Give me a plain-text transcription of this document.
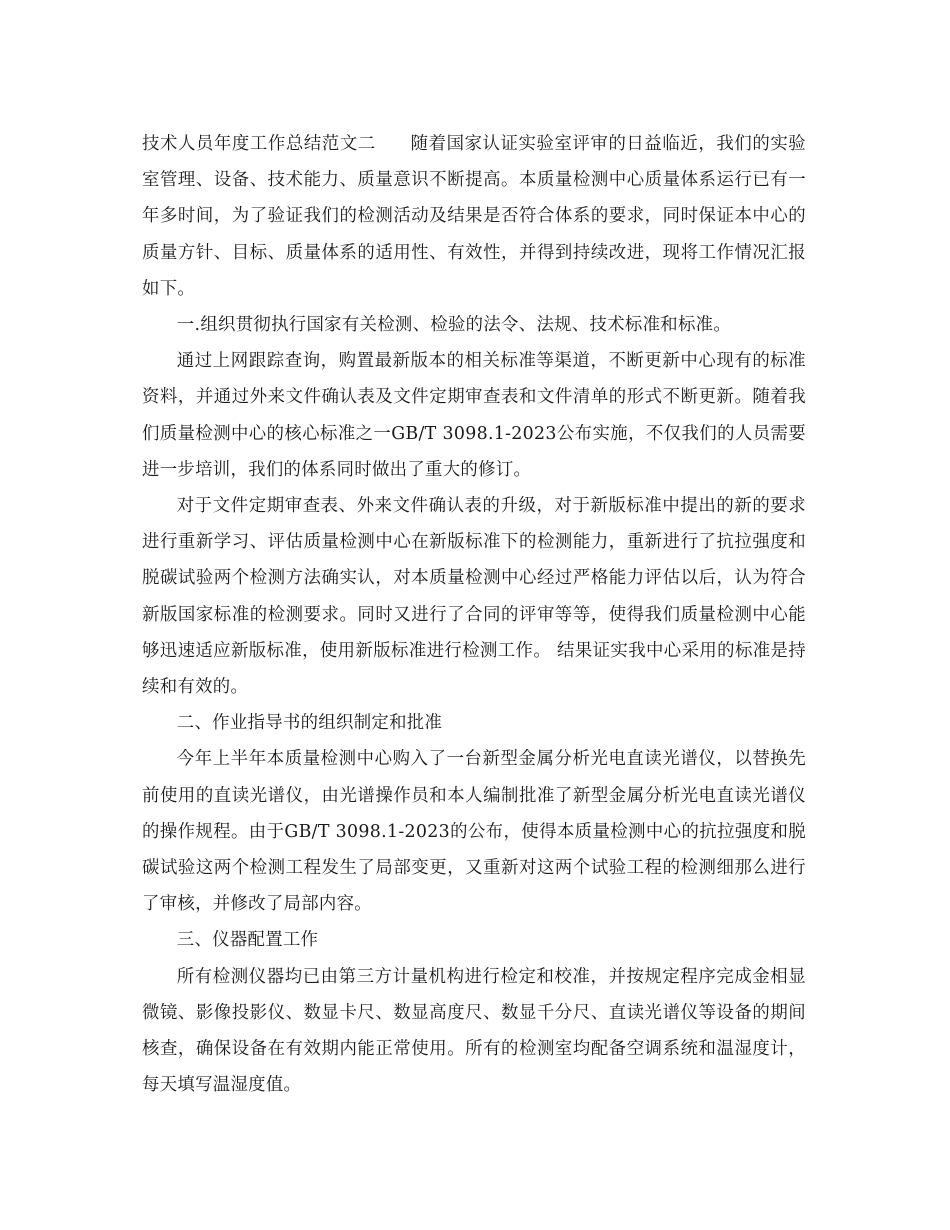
技术人员年度工作总结范文二 随着国家认证实验室评审的日益临近，我们的实验室管理、设备、技术能力、质量意识不断提高。本质量检测中心质量体系运行已有一年多时间，为了验证我们的检测活动及结果是否符合体系的要求，同时保证本中心的质量方针、目标、质量体系的适用性、有效性，并得到持续改进，现将工作情况汇报如下。

一.组织贯彻执行国家有关检测、检验的法令、法规、技术标准和标准。

通过上网跟踪查询，购置最新版本的相关标准等渠道，不断更新中心现有的标准资料，并通过外来文件确认表及文件定期审查表和文件清单的形式不断更新。随着我们质量检测中心的核心标准之一GB/T 3098.1-2023公布实施，不仅我们的人员需要进一步培训，我们的体系同时做出了重大的修订。

对于文件定期审查表、外来文件确认表的升级，对于新版标准中提出的新的要求进行重新学习、评估质量检测中心在新版标准下的检测能力，重新进行了抗拉强度和脱碳试验两个检测方法确实认，对本质量检测中心经过严格能力评估以后，认为符合新版国家标准的检测要求。同时又进行了合同的评审等等，使得我们质量检测中心能够迅速适应新版标准，使用新版标准进行检测工作。 结果证实我中心采用的标准是持续和有效的。

二、作业指导书的组织制定和批准

今年上半年本质量检测中心购入了一台新型金属分析光电直读光谱仪，以替换先前使用的直读光谱仪，由光谱操作员和本人编制批准了新型金属分析光电直读光谱仪的操作规程。由于GB/T 3098.1-2023的公布，使得本质量检测中心的抗拉强度和脱碳试验这两个检测工程发生了局部变更，又重新对这两个试验工程的检测细那么进行了审核，并修改了局部内容。

三、仪器配置工作

所有检测仪器均已由第三方计量机构进行检定和校准，并按规定程序完成金相显微镜、影像投影仪、数显卡尺、数显高度尺、数显千分尺、直读光谱仪等设备的期间核查，确保设备在有效期内能正常使用。所有的检测室均配备空调系统和温湿度计，每天填写温湿度值。
